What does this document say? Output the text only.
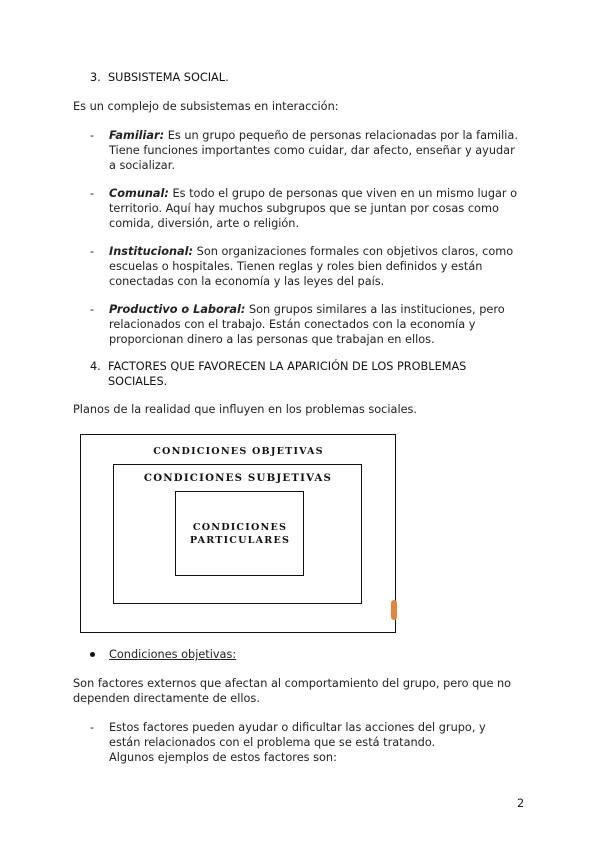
3. SUBSISTEMA SOCIAL.
Es un complejo de subsistemas en interacción:
- Familiar: Es un grupo pequeño de personas relacionadas por la familia.
Tiene funciones importantes como cuidar, dar afecto, enseñar y ayudar
a socializar.
- Comunal: Es todo el grupo de personas que viven en un mismo lugar o
territorio. Aquí hay muchos subgrupos que se juntan por cosas como
comida, diversión, arte o religión.
- Institucional: Son organizaciones formales con objetivos claros, como
escuelas o hospitales. Tienen reglas y roles bien definidos y están
conectadas con la economía y las leyes del país.
- Productivo o Laboral: Son grupos similares a las instituciones, pero
relacionados con el trabajo. Están conectados con la economía y
proporcionan dinero a las personas que trabajan en ellos.
4. FACTORES QUE FAVORECEN LA APARICIÓN DE LOS PROBLEMAS
SOCIALES.
Planos de la realidad que influyen en los problemas sociales.
CONDICIONES OBJETIVAS
CONDICIONES SUBJETIVAS
CONDICIONES
PARTICULARES
Condiciones objetivas:
Son factores externos que afectan al comportamiento del grupo, pero que no
dependen directamente de ellos.
- Estos factores pueden ayudar o dificultar las acciones del grupo, y
están relacionados con el problema que se está tratando.
Algunos ejemplos de estos factores son:
2
